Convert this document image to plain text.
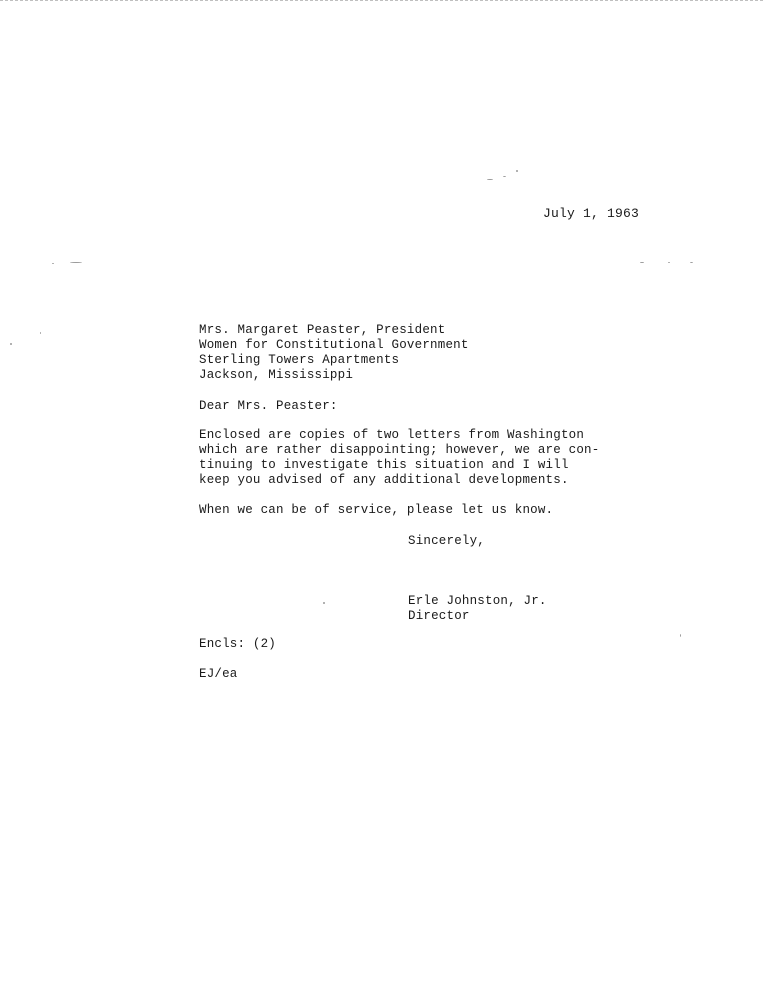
July 1, 1963
Mrs. Margaret Peaster, President
Women for Constitutional Government
Sterling Towers Apartments
Jackson, Mississippi
Dear Mrs. Peaster:
Enclosed are copies of two letters from Washington
which are rather disappointing; however, we are con-
tinuing to investigate this situation and I will
keep you advised of any additional developments.
When we can be of service, please let us know.
Sincerely,
Erle Johnston, Jr.
Director
Encls: (2)
EJ/ea
